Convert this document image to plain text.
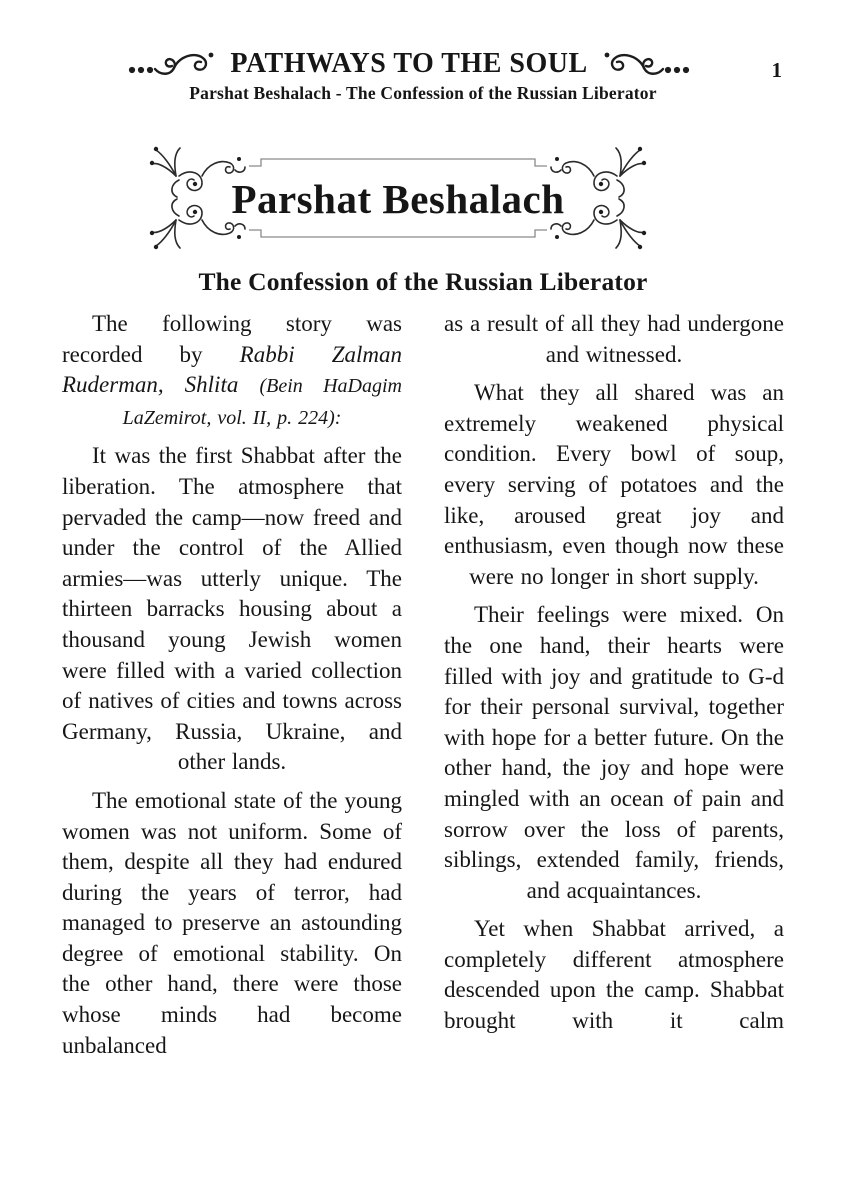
PATHWAYS TO THE SOUL	1
Parshat Beshalach - The Confession of the Russian Liberator
Parshat Beshalach
The Confession of the Russian Liberator

The following story was recorded by Rabbi Zalman Ruderman, Shlita (Bein HaDagim LaZemirot, vol. II, p. 224):

It was the first Shabbat after the liberation. The atmosphere that pervaded the camp—now freed and under the control of the Allied armies—was utterly unique. The thirteen barracks housing about a thousand young Jewish women were filled with a varied collection of natives of cities and towns across Germany, Russia, Ukraine, and other lands.

The emotional state of the young women was not uniform. Some of them, despite all they had endured during the years of terror, had managed to preserve an astounding degree of emotional stability. On the other hand, there were those whose minds had become unbalanced

as a result of all they had undergone and witnessed.

What they all shared was an extremely weakened physical condition. Every bowl of soup, every serving of potatoes and the like, aroused great joy and enthusiasm, even though now these were no longer in short supply.

Their feelings were mixed. On the one hand, their hearts were filled with joy and gratitude to G-d for their personal survival, together with hope for a better future. On the other hand, the joy and hope were mingled with an ocean of pain and sorrow over the loss of parents, siblings, extended family, friends, and acquaintances.

Yet when Shabbat arrived, a completely different atmosphere descended upon the camp. Shabbat brought with it calm
